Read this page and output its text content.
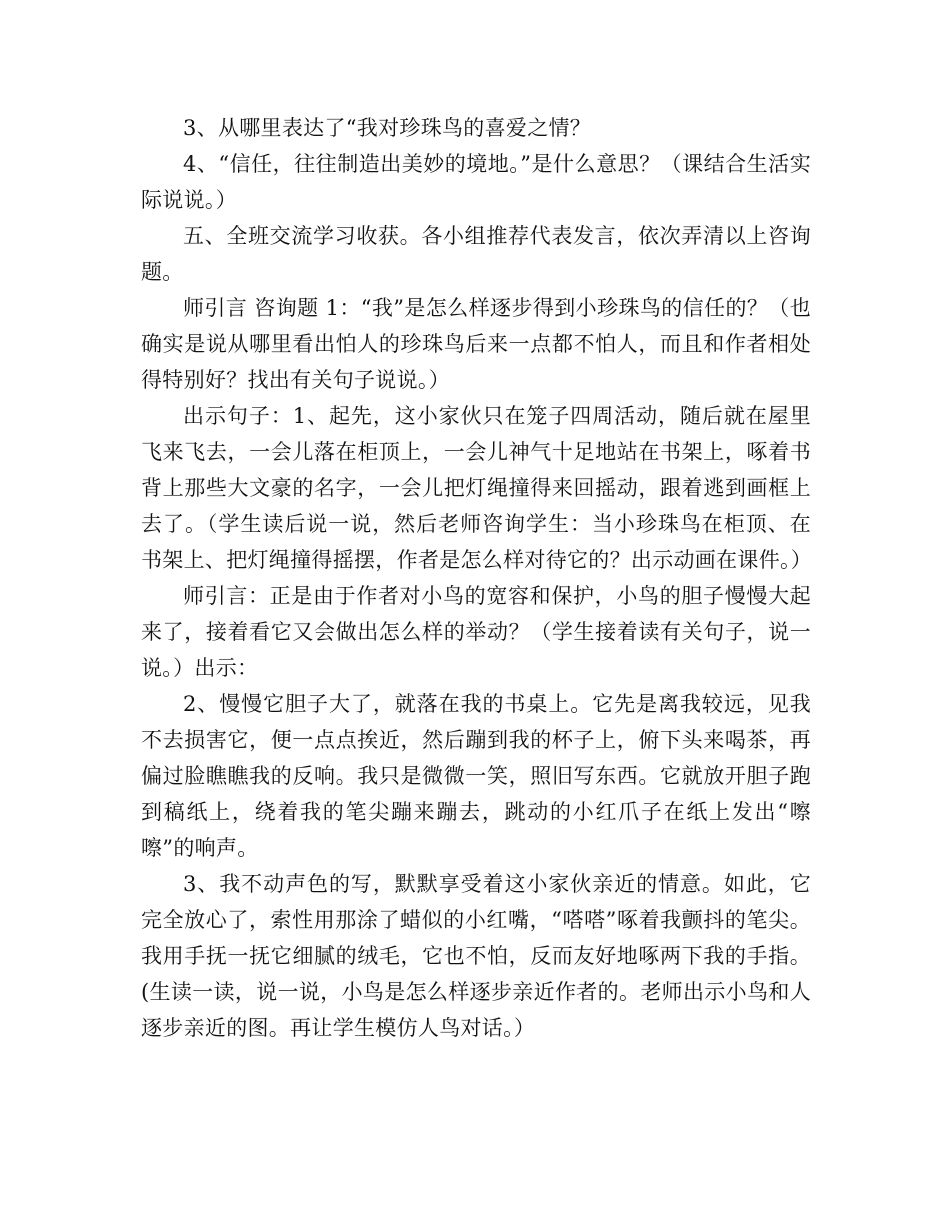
3、从哪里表达了“我对珍珠鸟的喜爱之情？

4、“信任，往往制造出美妙的境地。”是什么意思？（课结合生活实际说说。）

五、全班交流学习收获。各小组推荐代表发言，依次弄清以上咨询题。

师引言 咨询题 1：“我”是怎么样逐步得到小珍珠鸟的信任的？（也确实是说从哪里看出怕人的珍珠鸟后来一点都不怕人，而且和作者相处得特别好？找出有关句子说说。）

出示句子：1、起先，这小家伙只在笼子四周活动，随后就在屋里飞来飞去，一会儿落在柜顶上，一会儿神气十足地站在书架上，啄着书背上那些大文豪的名字，一会儿把灯绳撞得来回摇动，跟着逃到画框上去了。（学生读后说一说，然后老师咨询学生：当小珍珠鸟在柜顶、在书架上、把灯绳撞得摇摆，作者是怎么样对待它的？出示动画在课件。）

师引言：正是由于作者对小鸟的宽容和保护，小鸟的胆子慢慢大起来了，接着看它又会做出怎么样的举动？（学生接着读有关句子，说一说。）出示：

2、慢慢它胆子大了，就落在我的书桌上。它先是离我较远，见我不去损害它，便一点点挨近，然后蹦到我的杯子上，俯下头来喝茶，再偏过脸瞧瞧我的反响。我只是微微一笑，照旧写东西。它就放开胆子跑到稿纸上，绕着我的笔尖蹦来蹦去，跳动的小红爪子在纸上发出“嚓嚓”的响声。

3、我不动声色的写，默默享受着这小家伙亲近的情意。如此，它完全放心了，索性用那涂了蜡似的小红嘴，“嗒嗒”啄着我颤抖的笔尖。我用手抚一抚它细腻的绒毛，它也不怕，反而友好地啄两下我的手指。(生读一读，说一说，小鸟是怎么样逐步亲近作者的。老师出示小鸟和人逐步亲近的图。再让学生模仿人鸟对话。）
